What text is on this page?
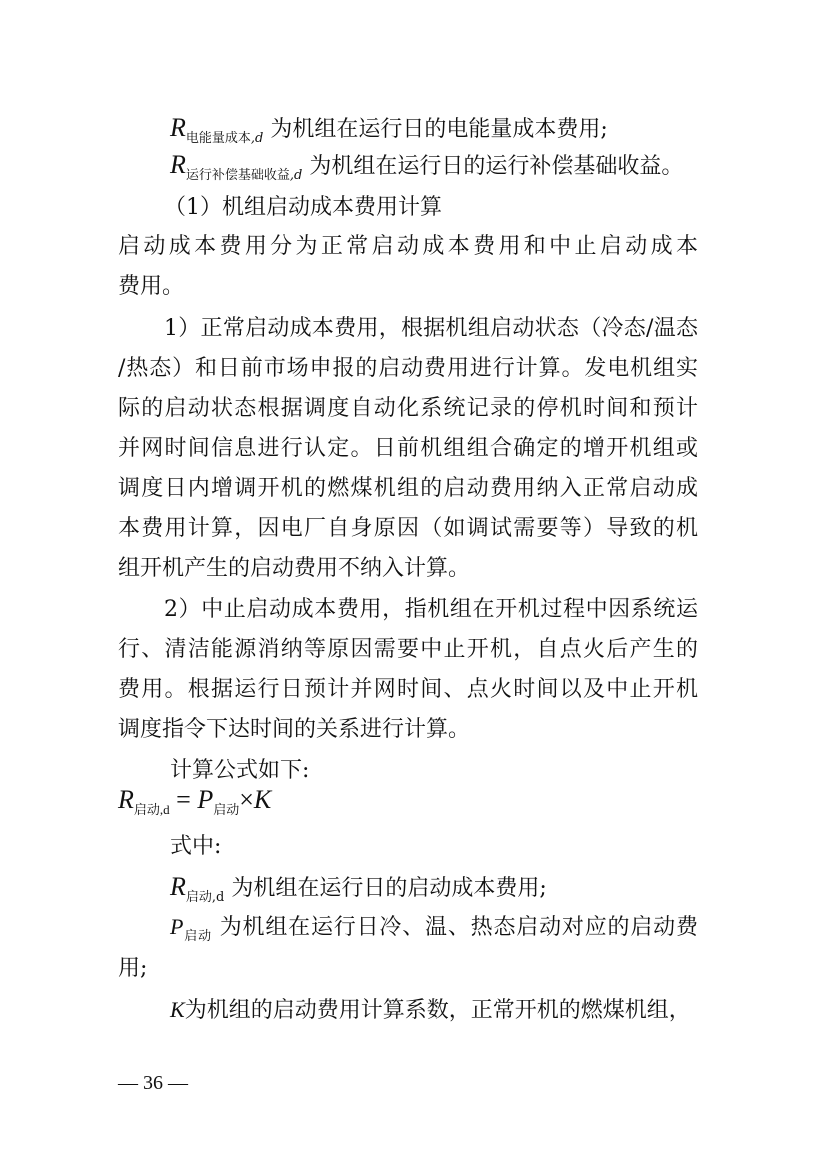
$R_{电能量成本,d}$ 为机组在运行日的电能量成本费用;
$R_{运行补偿基础收益,d}$ 为机组在运行日的运行补偿基础收益。
（1）机组启动成本费用计算
启动成本费用分为正常启动成本费用和中止启动成本
费用。
1）正常启动成本费用，根据机组启动状态（冷态/温态
/热态）和日前市场申报的启动费用进行计算。发电机组实
际的启动状态根据调度自动化系统记录的停机时间和预计
并网时间信息进行认定。日前机组组合确定的增开机组或
调度日内增调开机的燃煤机组的启动费用纳入正常启动成
本费用计算，因电厂自身原因（如调试需要等）导致的机
组开机产生的启动费用不纳入计算。
2）中止启动成本费用，指机组在开机过程中因系统运
行、清洁能源消纳等原因需要中止开机，自点火后产生的
费用。根据运行日预计并网时间、点火时间以及中止开机
调度指令下达时间的关系进行计算。
计算公式如下:
$R_{启动,d} = P_{启动}\times K$
式中:
$R_{启动,d}$ 为机组在运行日的启动成本费用;
$P_{启动}$ 为机组在运行日冷、温、热态启动对应的启动费
用;
K为机组的启动费用计算系数，正常开机的燃煤机组，
— 36 —
